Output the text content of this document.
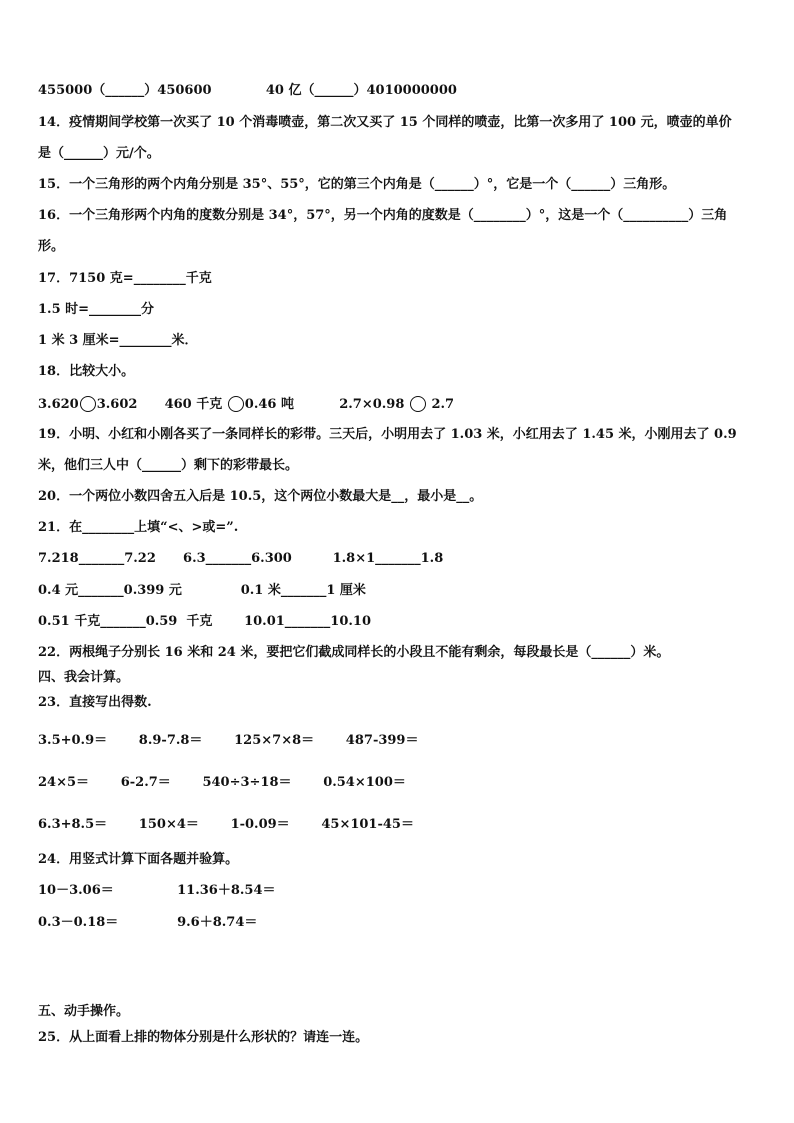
455000（______）450600            40 亿（______）4010000000
14．疫情期间学校第一次买了 10 个消毒喷壶，第二次又买了 15 个同样的喷壶，比第一次多用了 100 元，喷壶的单价
是（______）元/个。
15．一个三角形的两个内角分别是 35°、55°，它的第三个内角是（______）°，它是一个（______）三角形。
16．一个三角形两个内角的度数分别是 34°，57°，另一个内角的度数是（________）°，这是一个（__________）三角
形。
17．7150 克=________千克
1.5 时=________分
1 米 3 厘米=________米．
18．比较大小。
3.620 3.602      460 千克 0.46 吨          2.7×0.98  2.7
19．小明、小红和小刚各买了一条同样长的彩带。三天后，小明用去了 1.03 米，小红用去了 1.45 米，小刚用去了 0.9
米，他们三人中（______）剩下的彩带最长。
20．一个两位小数四舍五入后是 10.5，这个两位小数最大是__，最小是__。
21．在________上填“<、>或=”.
7.218_______7.22      6.3_______6.300         1.8×1_______1.8
0.4 元_______0.399 元             0.1 米_______1 厘米
0.51 千克_______0.59  千克       10.01_______10.10
22．两根绳子分别长 16 米和 24 米，要把它们截成同样长的小段且不能有剩余，每段最长是（______）米。
四、我会计算。
23．直接写出得数.
3.5+0.9＝       8.9-7.8＝       125×7×8＝       487-399＝
24×5＝       6-2.7＝       540÷3÷18＝       0.54×100＝
6.3+8.5＝       150×4＝       1-0.09＝       45×101-45＝
24．用竖式计算下面各题并验算。
10－3.06＝              11.36＋8.54＝
0.3－0.18＝             9.6＋8.74＝
五、动手操作。
25．从上面看上排的物体分别是什么形状的？请连一连。
